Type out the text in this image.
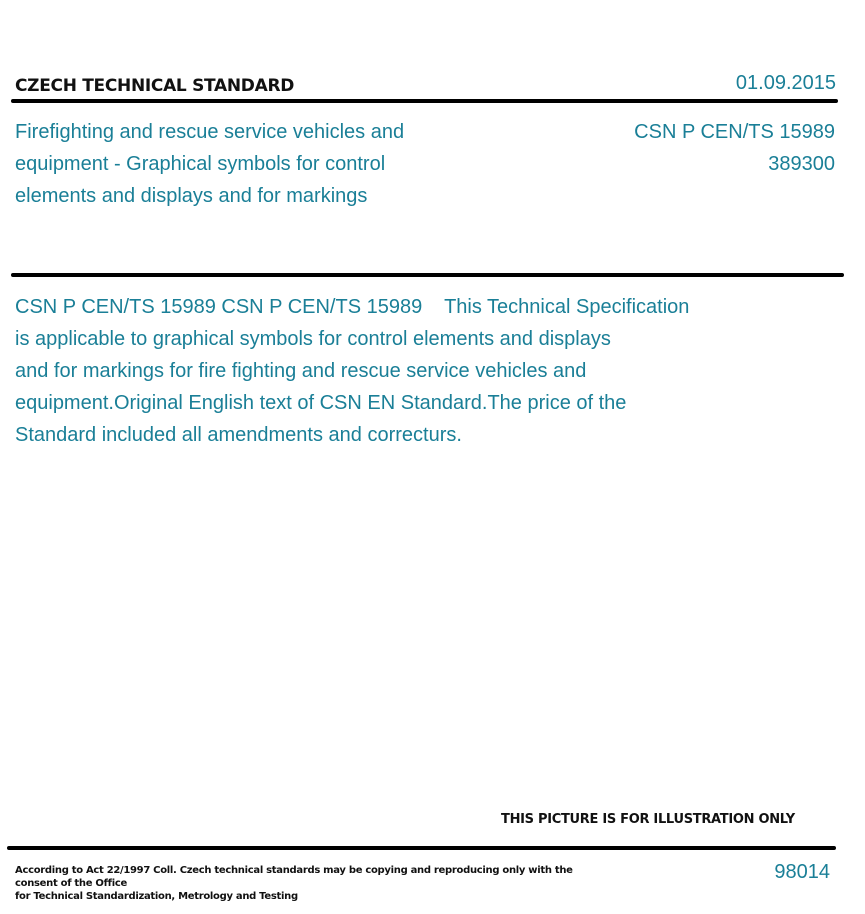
CZECH TECHNICAL STANDARD	01.09.2015
Firefighting and rescue service vehicles and
equipment - Graphical symbols for control
elements and displays and for markings
CSN P CEN/TS 15989
389300
CSN P CEN/TS 15989 CSN P CEN/TS 15989    This Technical Specification
is applicable to graphical symbols for control elements and displays
and for markings for fire fighting and rescue service vehicles and
equipment.Original English text of CSN EN Standard.The price of the
Standard included all amendments and correcturs.
THIS PICTURE IS FOR ILLUSTRATION ONLY
According to Act 22/1997 Coll. Czech technical standards may be copying and reproducing only with the consent of the Office
for Technical Standardization, Metrology and Testing
98014
